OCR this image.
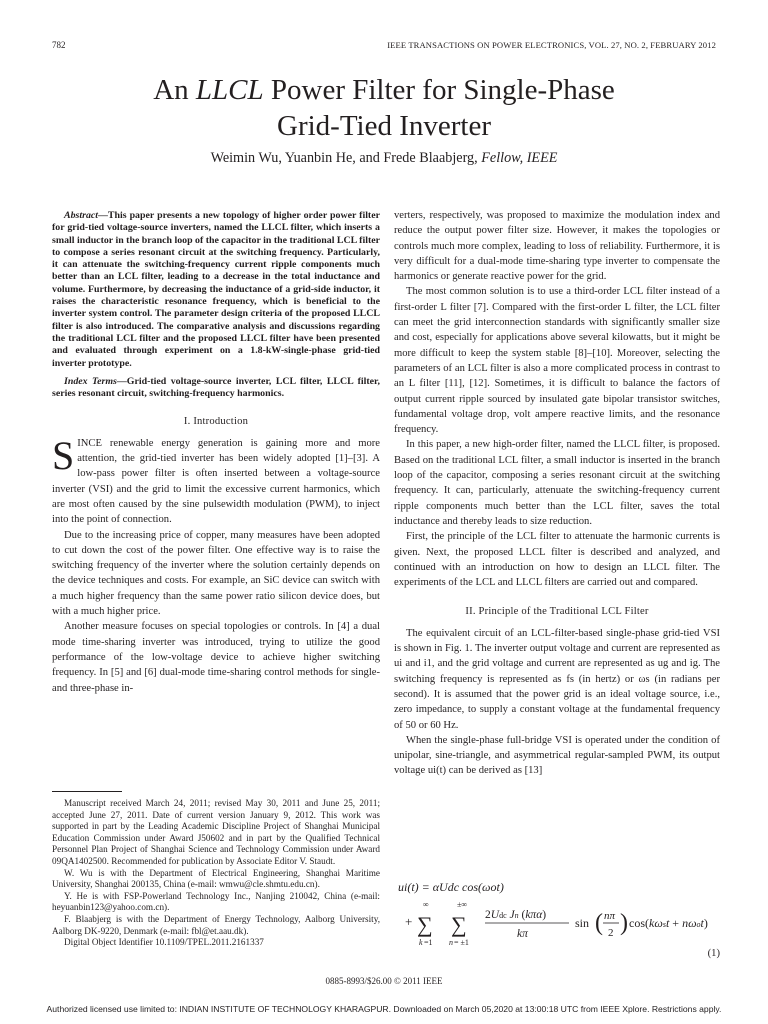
782	IEEE TRANSACTIONS ON POWER ELECTRONICS, VOL. 27, NO. 2, FEBRUARY 2012
An LLCL Power Filter for Single-Phase
Grid-Tied Inverter
Weimin Wu, Yuanbin He, and Frede Blaabjerg, Fellow, IEEE

Abstract—This paper presents a new topology of higher order power filter for grid-tied voltage-source inverters, named the LLCL filter, which inserts a small inductor in the branch loop of the capacitor in the traditional LCL filter to compose a series resonant circuit at the switching frequency. Particularly, it can attenuate the switching-frequency current ripple components much better than an LCL filter, leading to a decrease in the total inductance and volume. Furthermore, by decreasing the inductance of a grid-side inductor, it raises the characteristic resonance frequency, which is beneficial to the inverter system control. The parameter design criteria of the proposed LLCL filter is also introduced. The comparative analysis and discussions regarding the traditional LCL filter and the proposed LLCL filter have been presented and evaluated through experiment on a 1.8-kW-single-phase grid-tied inverter prototype.

Index Terms—Grid-tied voltage-source inverter, LCL filter, LLCL filter, series resonant circuit, switching-frequency harmonics.

I. Introduction

SINCE renewable energy generation is gaining more and more attention, the grid-tied inverter has been widely adopted [1]–[3]. A low-pass power filter is often inserted between a voltage-source inverter (VSI) and the grid to limit the excessive current harmonics, which are most often caused by the sine pulsewidth modulation (PWM), to inject into the point of connection.

Due to the increasing price of copper, many measures have been adopted to cut down the cost of the power filter. One effective way is to raise the switching frequency of the inverter where the solution certainly depends on the device techniques and costs. For example, an SiC device can switch with a much higher frequency than the same power ratio silicon device does, but with a much higher price.

Another measure focuses on special topologies or controls. In [4] a dual mode time-sharing inverter was introduced, trying to utilize the good performance of the low-voltage device to achieve higher switching frequency. In [5] and [6] dual-mode time-sharing control methods for single- and three-phase in-

Manuscript received March 24, 2011; revised May 30, 2011 and June 25, 2011; accepted June 27, 2011. Date of current version January 9, 2012. This work was supported in part by the Leading Academic Discipline Project of Shanghai Municipal Education Commission under Award J50602 and in part by the Qualified Technical Personnel Plan Project of Shanghai Science and Technology Commission under Award 09QA1402500. Recommended for publication by Associate Editor V. Staudt.

W. Wu is with the Department of Electrical Engineering, Shanghai Maritime University, Shanghai 200135, China (e-mail: wmwu@cle.shmtu.edu.cn).

Y. He is with FSP-Powerland Technology Inc., Nanjing 210042, China (e-mail: heyuanbin123@yahoo.com.cn).

F. Blaabjerg is with the Department of Energy Technology, Aalborg University, Aalborg DK-9220, Denmark (e-mail: fbl@et.aau.dk).

Digital Object Identifier 10.1109/TPEL.2011.2161337

verters, respectively, was proposed to maximize the modulation index and reduce the output power filter size. However, it makes the topologies or controls much more complex, leading to loss of reliability. Furthermore, it is very difficult for a dual-mode time-sharing type inverter to compensate the harmonics or generate reactive power for the grid.

The most common solution is to use a third-order LCL filter instead of a first-order L filter [7]. Compared with the first-order L filter, the LCL filter can meet the grid interconnection standards with significantly smaller size and cost, especially for applications above several kilowatts, but it might be more difficult to keep the system stable [8]–[10]. Moreover, selecting the parameters of an LCL filter is also a more complicated process in contrast to an L filter [11], [12]. Sometimes, it is difficult to balance the factors of output current ripple sourced by insulated gate bipolar transistor switches, fundamental voltage drop, volt ampere reactive limits, and the resonance frequency.

In this paper, a new high-order filter, named the LLCL filter, is proposed. Based on the traditional LCL filter, a small inductor is inserted in the branch loop of the capacitor, composing a series resonant circuit at the switching frequency. It can, particularly, attenuate the switching-frequency current ripple components much better than the LCL filter, saves the total inductance and thereby leads to size reduction.

First, the principle of the LCL filter to attenuate the harmonic currents is given. Next, the proposed LLCL filter is described and analyzed, and continued with an introduction on how to design an LLCL filter. The experiments of the LCL and LLCL filters are carried out and compared.

II. Principle of the Traditional LCL Filter

The equivalent circuit of an LCL-filter-based single-phase grid-tied VSI is shown in Fig. 1. The inverter output voltage and current are represented as ui and i1, and the grid voltage and current are represented as ug and ig. The switching frequency is represented as fs (in hertz) or ωs (in radians per second). It is assumed that the power grid is an ideal voltage source, i.e., zero impedance, to supply a constant voltage at the fundamental frequency of 50 or 60 Hz.

When the single-phase full-bridge VSI is operated under the condition of unipolar, sine-triangle, and asymmetrical regular-sampled PWM, its output voltage ui(t) can be derived as [13]

ui(t) = αUdc cos(ωot)
+
∞
∑
k =1
±∞
∑
n = ±1
2Udc Jn (kπα)
kπ
sin ( nπ
2 ) cos(kωst + nωot)
(1)
0885-8993/$26.00 © 2011 IEEE
Authorized licensed use limited to: INDIAN INSTITUTE OF TECHNOLOGY KHARAGPUR. Downloaded on March 05,2020 at 13:00:18 UTC from IEEE Xplore. Restrictions apply.
